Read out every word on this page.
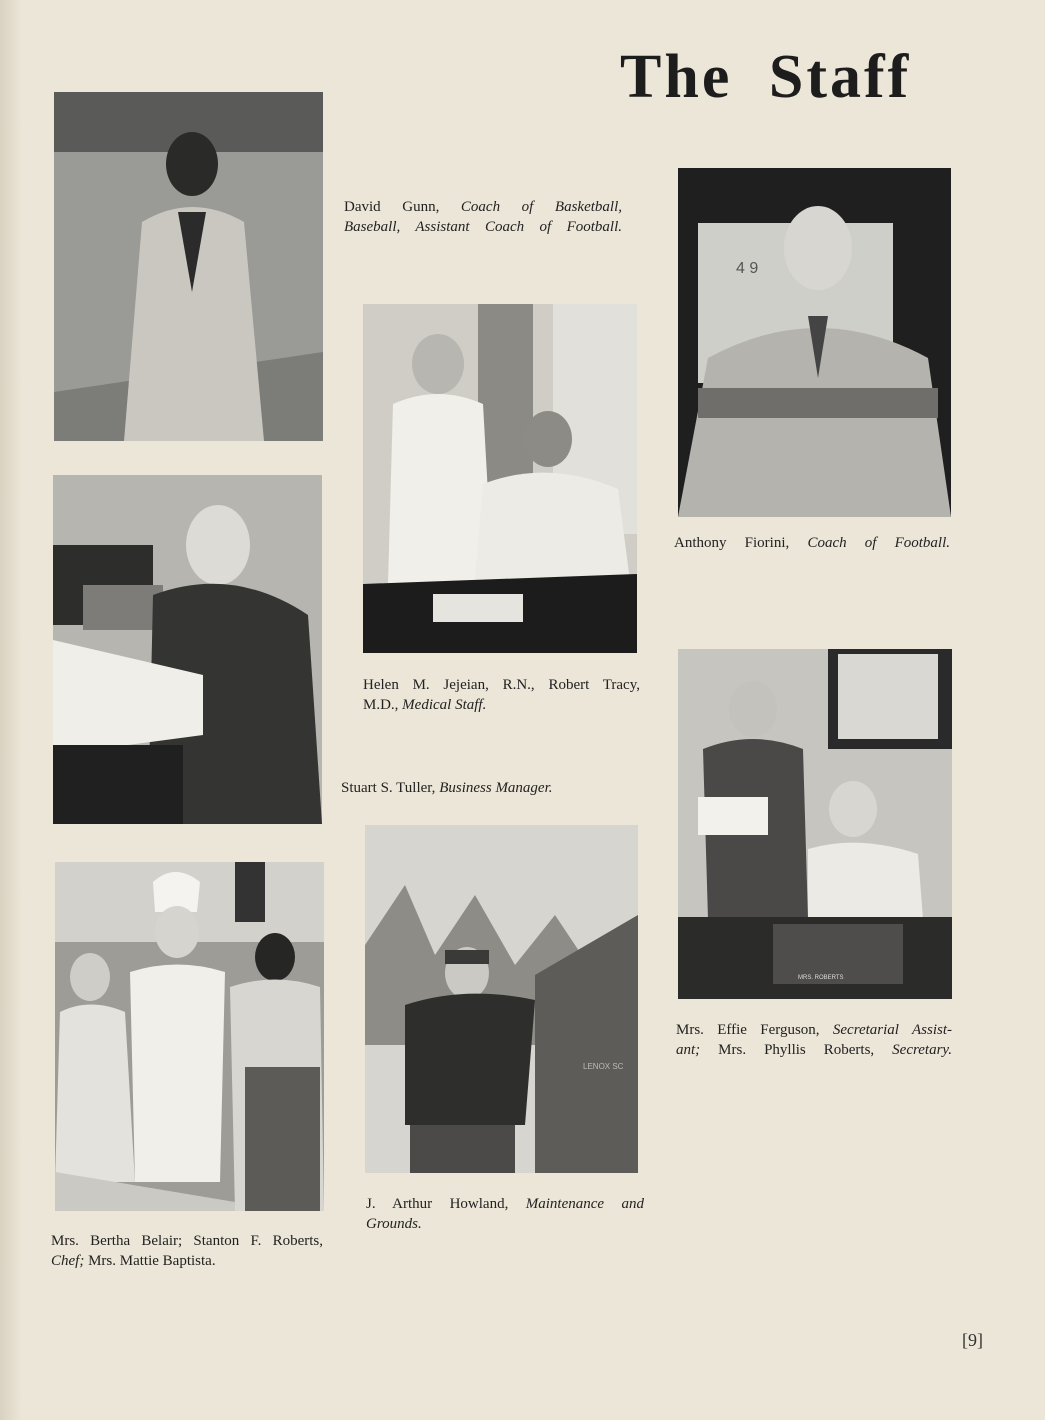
The Staff
David Gunn, Coach of Basketball,
Baseball, Assistant Coach of Football.
4 9
Anthony Fiorini, Coach of Football.
Helen M. Jejeian, R.N., Robert Tracy,
M.D., Medical Staff.
Stuart S. Tuller, Business Manager.
MRS. ROBERTS
Mrs. Effie Ferguson, Secretarial Assist-
ant; Mrs. Phyllis Roberts, Secretary.
Mrs. Bertha Belair; Stanton F. Roberts,
Chef; Mrs. Mattie Baptista.
LENOX SC
J. Arthur Howland, Maintenance and
Grounds.
[9]
